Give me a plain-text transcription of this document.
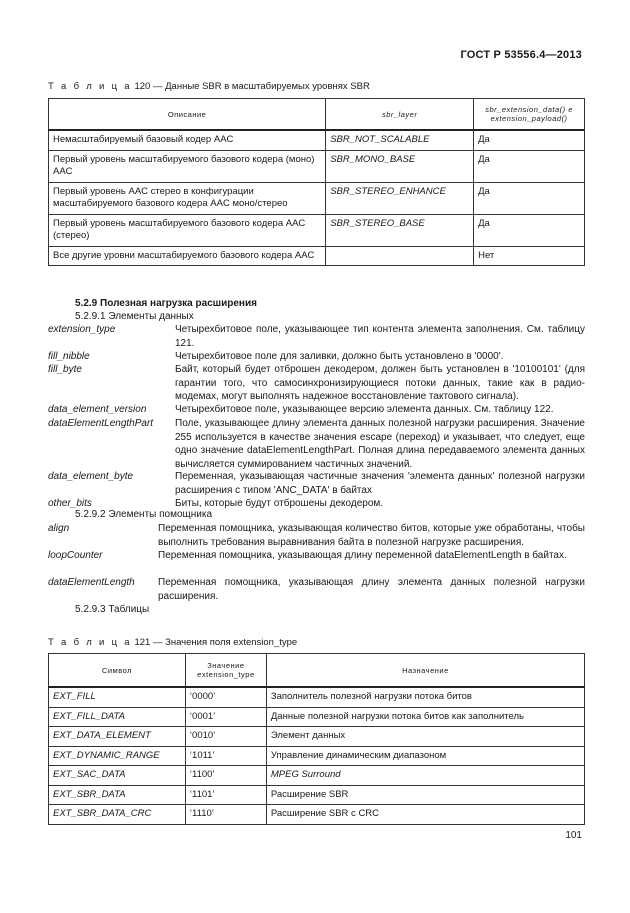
ГОСТ Р 53556.4—2013
Т а б л и ц а 120 — Данные SBR в масштабируемых уровнях SBR
Описание	sbr_layer	sbr_extension_data() e extension_payload()
Немасштабируемый базовый кодер AAC	SBR_NOT_SCALABLE	Да
Первый уровень масштабируемого базового кодера (моно) AAC	SBR_MONO_BASE	Да
Первый уровень AAC стерео в конфигурации масштабируемого базового кодера AAC моно/стерео	SBR_STEREO_ENHANCE	Да
Первый уровень масштабируемого базового кодера AAC (стерео)	SBR_STEREO_BASE	Да
Все другие уровни масштабируемого базового кодера AAC		Нет
5.2.9 Полезная нагрузка расширения
5.2.9.1 Элементы данных
extension_type	Четырехбитовое поле, указывающее тип контента элемента заполнения. См. таблицу 121.
fill_nibble	Четырехбитовое поле для заливки, должно быть установлено в '0000'.
fill_byte	Байт, который будет отброшен декодером, должен быть установлен в '10100101' (для гарантии того, что самосинхронизирующиеся потоки данных, такие как в радио-модемах, могут выполнять надежное восстановление тактового сигнала).
data_element_version	Четырехбитовое поле, указывающее версию элемента данных. См. таблицу 122.
dataElementLengthPart Поле, указывающее длину элемента данных полезной нагрузки расширения. Значение 255 используется в качестве значения escape (переход) и указывает, что следует, еще одно значение dataElementLengthPart. Полная длина передаваемого элемента данных вычисляется суммированием частичных значений.
data_element_byte	Переменная, указывающая частичные значения 'элемента данных' полезной нагрузки расширения с типом 'ANC_DATA' в байтах
other_bits	Биты, которые будут отброшены декодером.
5.2.9.2 Элементы помощника
align	Переменная помощника, указывающая количество битов, которые уже обработаны, чтобы выполнить требования выравнивания байта в полезной нагрузке расширения.
loopCounter	Переменная помощника, указывающая длину переменной dataElementLength в байтах.
dataElementLength Переменная помощника, указывающая длину элемента данных полезной нагрузки расширения.
5.2.9.3 Таблицы
Т а б л и ц а 121 — Значения поля extension_type
Символ	Значение extension_type	Назначение
EXT_FILL	‘0000’	Заполнитель полезной нагрузки потока битов
EXT_FILL_DATA	‘0001’	Данные полезной нагрузки потока битов как заполнитель
EXT_DATA_ELEMENT	‘0010’	Элемент данных
EXT_DYNAMIC_RANGE	‘1011’	Управление динамическим диапазоном
EXT_SAC_DATA	‘1100’	MPEG Surround
EXT_SBR_DATA	‘1101’	Расширение SBR
EXT_SBR_DATA_CRC	‘1110’	Расширение SBR с CRC
101
